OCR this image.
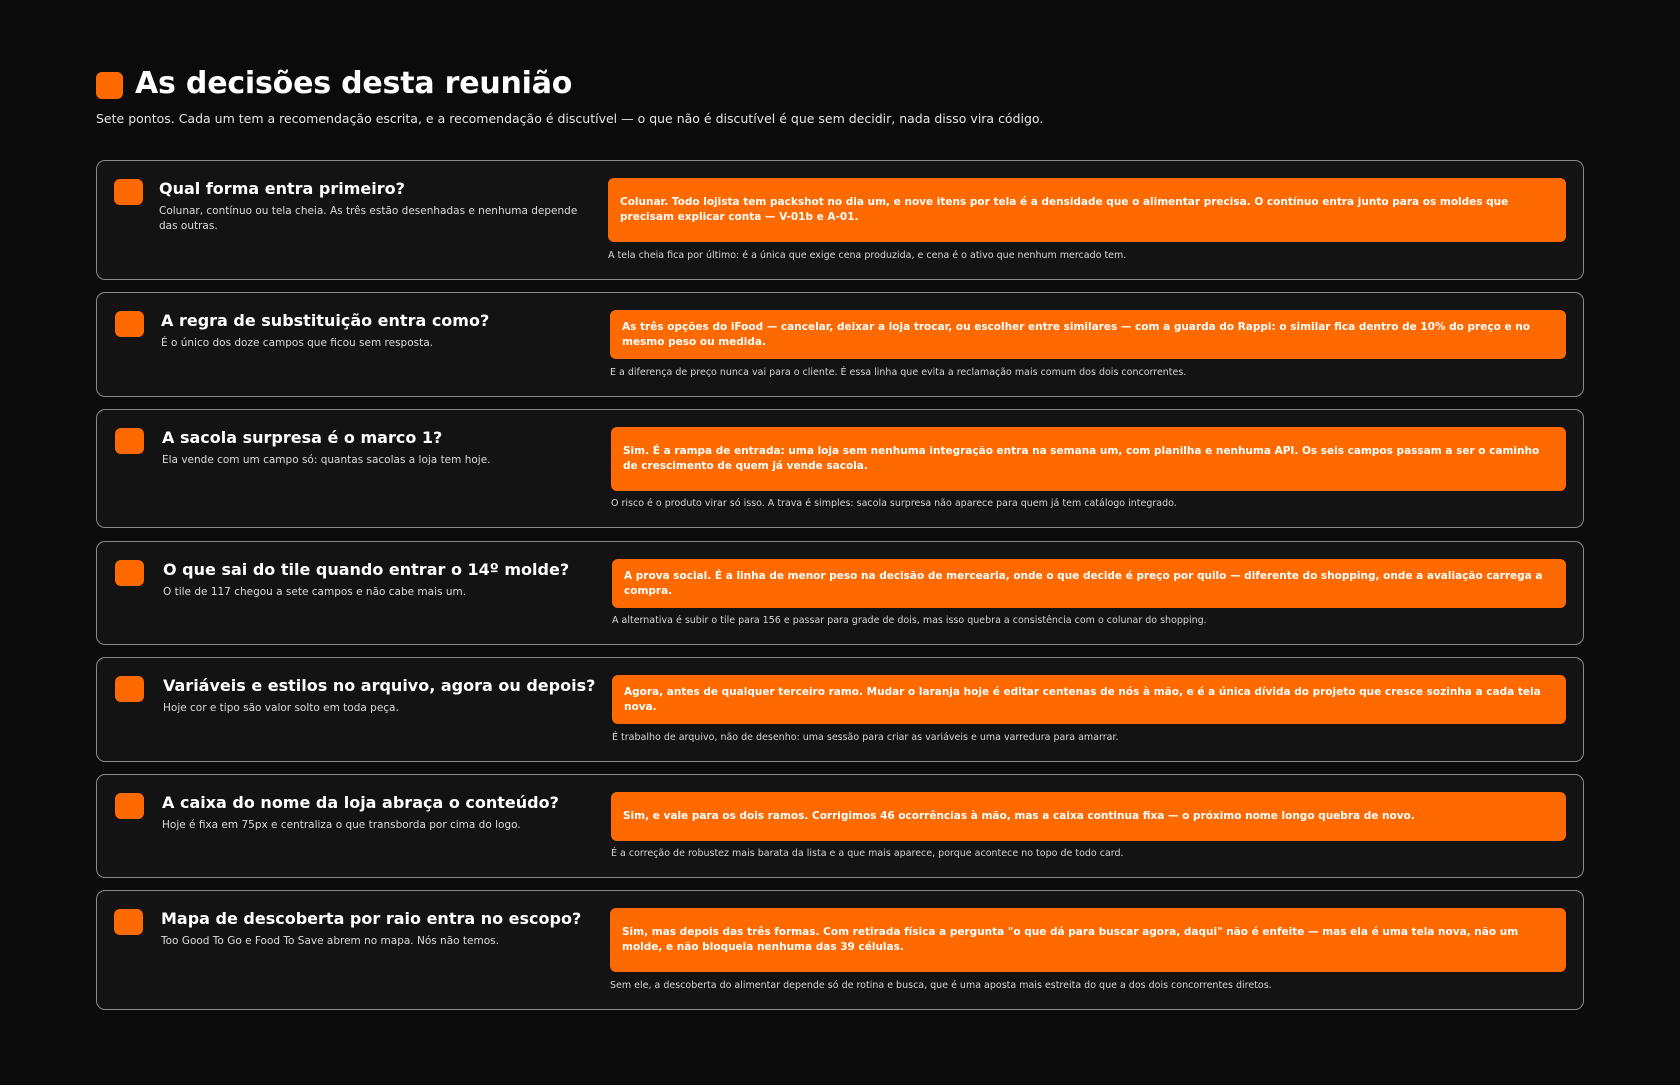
As decisões desta reunião

Sete pontos. Cada um tem a recomendação escrita, e a recomendação é discutível — o que não é discutível é que sem decidir, nada disso vira código.

Qual forma entra primeiro?
Colunar, contínuo ou tela cheia. As três estão desenhadas e nenhuma depende das outras.
Colunar. Todo lojista tem packshot no dia um, e nove itens por tela é a densidade que o alimentar precisa. O contínuo entra junto para os moldes que precisam explicar conta — V-01b e A-01.
A tela cheia fica por último: é a única que exige cena produzida, e cena é o ativo que nenhum mercado tem.
A regra de substituição entra como?
É o único dos doze campos que ficou sem resposta.
As três opções do iFood — cancelar, deixar a loja trocar, ou escolher entre similares — com a guarda do Rappi: o similar fica dentro de 10% do preço e no mesmo peso ou medida.
E a diferença de preço nunca vai para o cliente. É essa linha que evita a reclamação mais comum dos dois concorrentes.
A sacola surpresa é o marco 1?
Ela vende com um campo só: quantas sacolas a loja tem hoje.
Sim. É a rampa de entrada: uma loja sem nenhuma integração entra na semana um, com planilha e nenhuma API. Os seis campos passam a ser o caminho de crescimento de quem já vende sacola.
O risco é o produto virar só isso. A trava é simples: sacola surpresa não aparece para quem já tem catálogo integrado.
O que sai do tile quando entrar o 14º molde?
O tile de 117 chegou a sete campos e não cabe mais um.
A prova social. É a linha de menor peso na decisão de mercearia, onde o que decide é preço por quilo — diferente do shopping, onde a avaliação carrega a compra.
A alternativa é subir o tile para 156 e passar para grade de dois, mas isso quebra a consistência com o colunar do shopping.
Variáveis e estilos no arquivo, agora ou depois?
Hoje cor e tipo são valor solto em toda peça.
Agora, antes de qualquer terceiro ramo. Mudar o laranja hoje é editar centenas de nós à mão, e é a única dívida do projeto que cresce sozinha a cada tela nova.
É trabalho de arquivo, não de desenho: uma sessão para criar as variáveis e uma varredura para amarrar.
A caixa do nome da loja abraça o conteúdo?
Hoje é fixa em 75px e centraliza o que transborda por cima do logo.
Sim, e vale para os dois ramos. Corrigimos 46 ocorrências à mão, mas a caixa continua fixa — o próximo nome longo quebra de novo.
É a correção de robustez mais barata da lista e a que mais aparece, porque acontece no topo de todo card.
Mapa de descoberta por raio entra no escopo?
Too Good To Go e Food To Save abrem no mapa. Nós não temos.
Sim, mas depois das três formas. Com retirada física a pergunta "o que dá para buscar agora, daqui" não é enfeite — mas ela é uma tela nova, não um molde, e não bloqueia nenhuma das 39 células.
Sem ele, a descoberta do alimentar depende só de rotina e busca, que é uma aposta mais estreita do que a dos dois concorrentes diretos.
